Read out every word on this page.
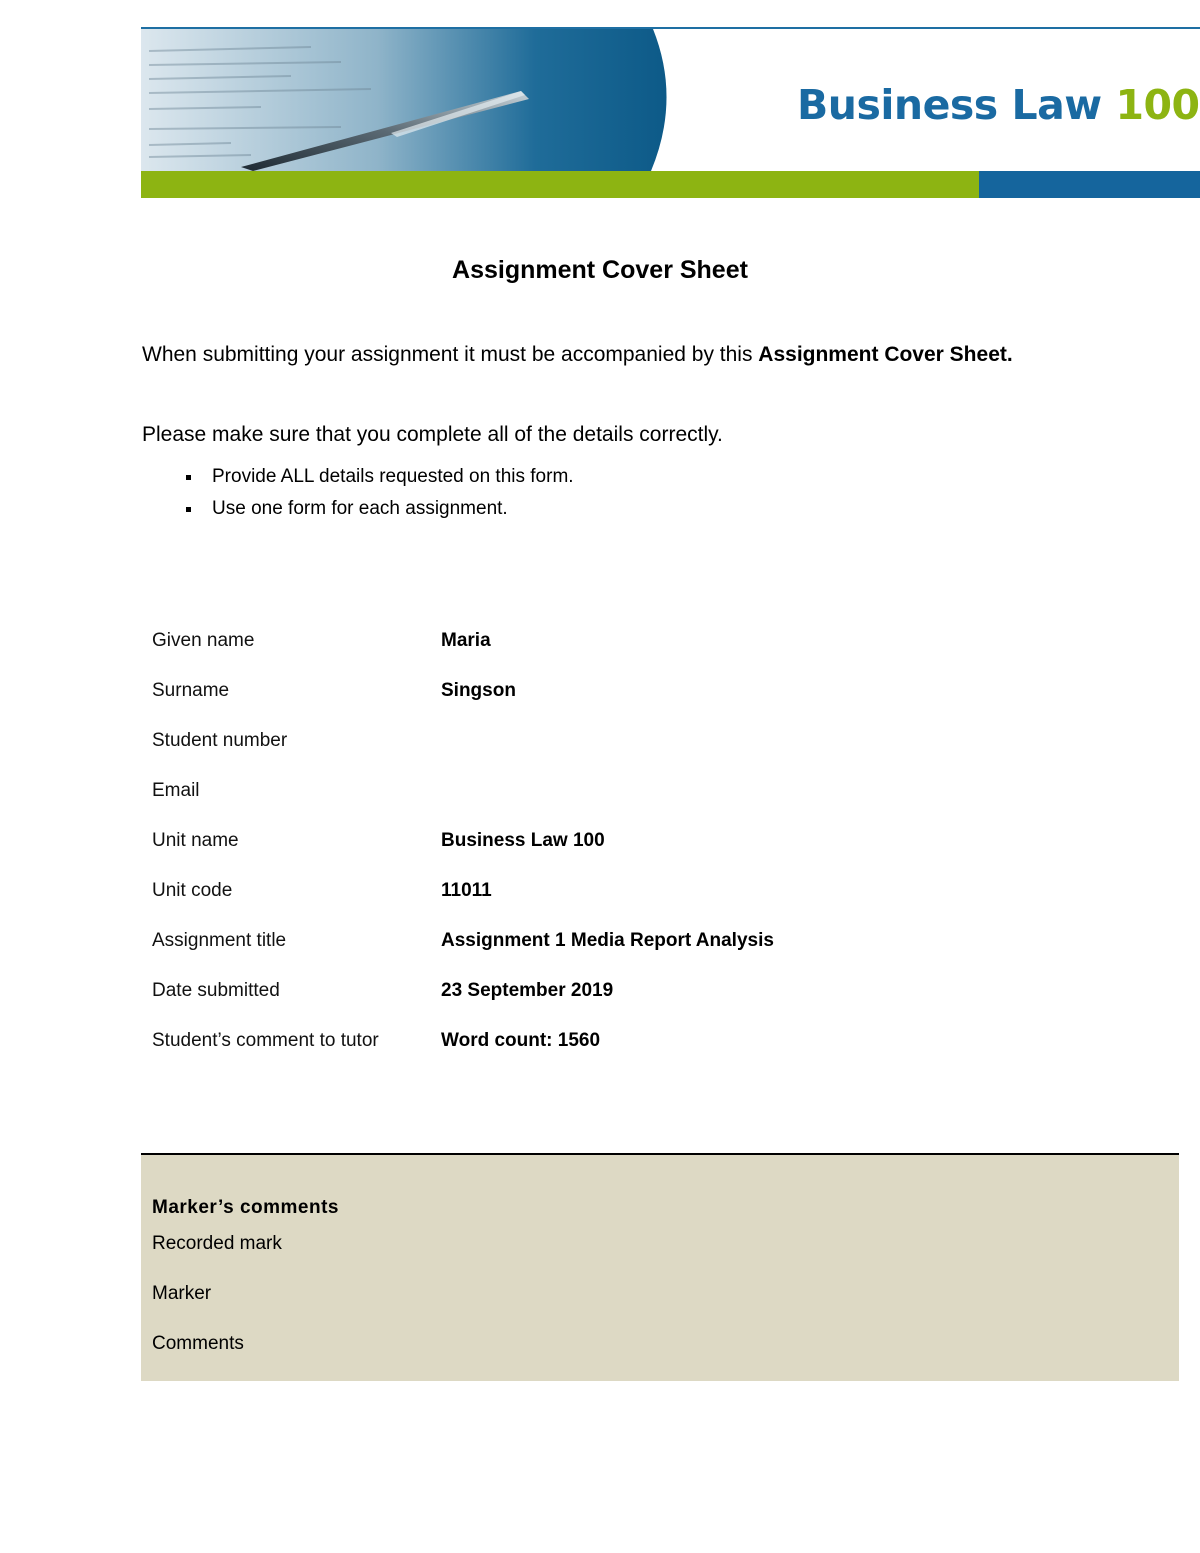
Business Law 100
Assignment Cover Sheet

When submitting your assignment it must be accompanied by this Assignment Cover Sheet.

Please make sure that you complete all of the details correctly.

Provide ALL details requested on this form.
Use one form for each assignment.
Given name	Maria
Surname	Singson
Student number
Email
Unit name	Business Law 100
Unit code	11011
Assignment title	Assignment 1 Media Report Analysis
Date submitted	23 September 2019
Student’s comment to tutor	Word count: 1560
Marker’s comments
Recorded mark
Marker
Comments
